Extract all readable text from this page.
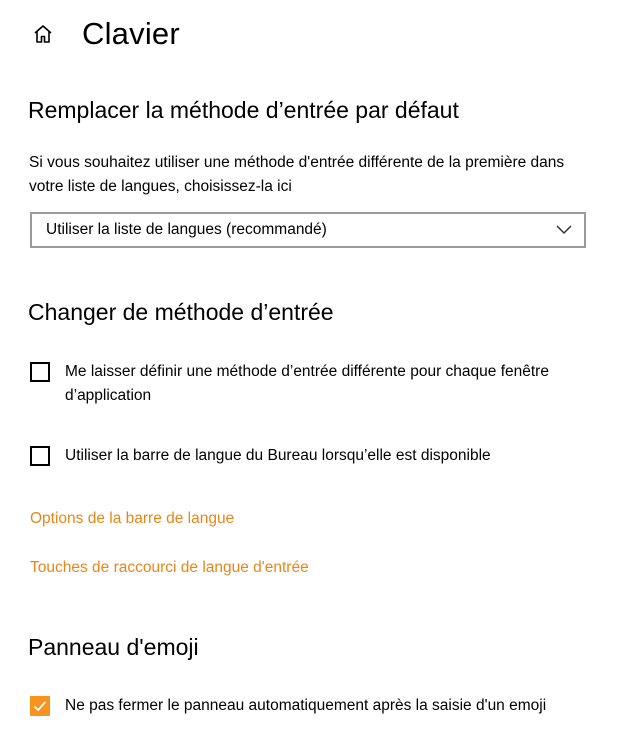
Clavier
Remplacer la méthode d’entrée par défaut
Si vous souhaitez utiliser une méthode d'entrée différente de la première dans votre liste de langues, choisissez-la ici
Utiliser la liste de langues (recommandé)
Changer de méthode d’entrée
Me laisser définir une méthode d’entrée différente pour chaque fenêtre d’application
Utiliser la barre de langue du Bureau lorsqu’elle est disponible
Options de la barre de langue
Touches de raccourci de langue d'entrée
Panneau d'emoji
Ne pas fermer le panneau automatiquement après la saisie d'un emoji
